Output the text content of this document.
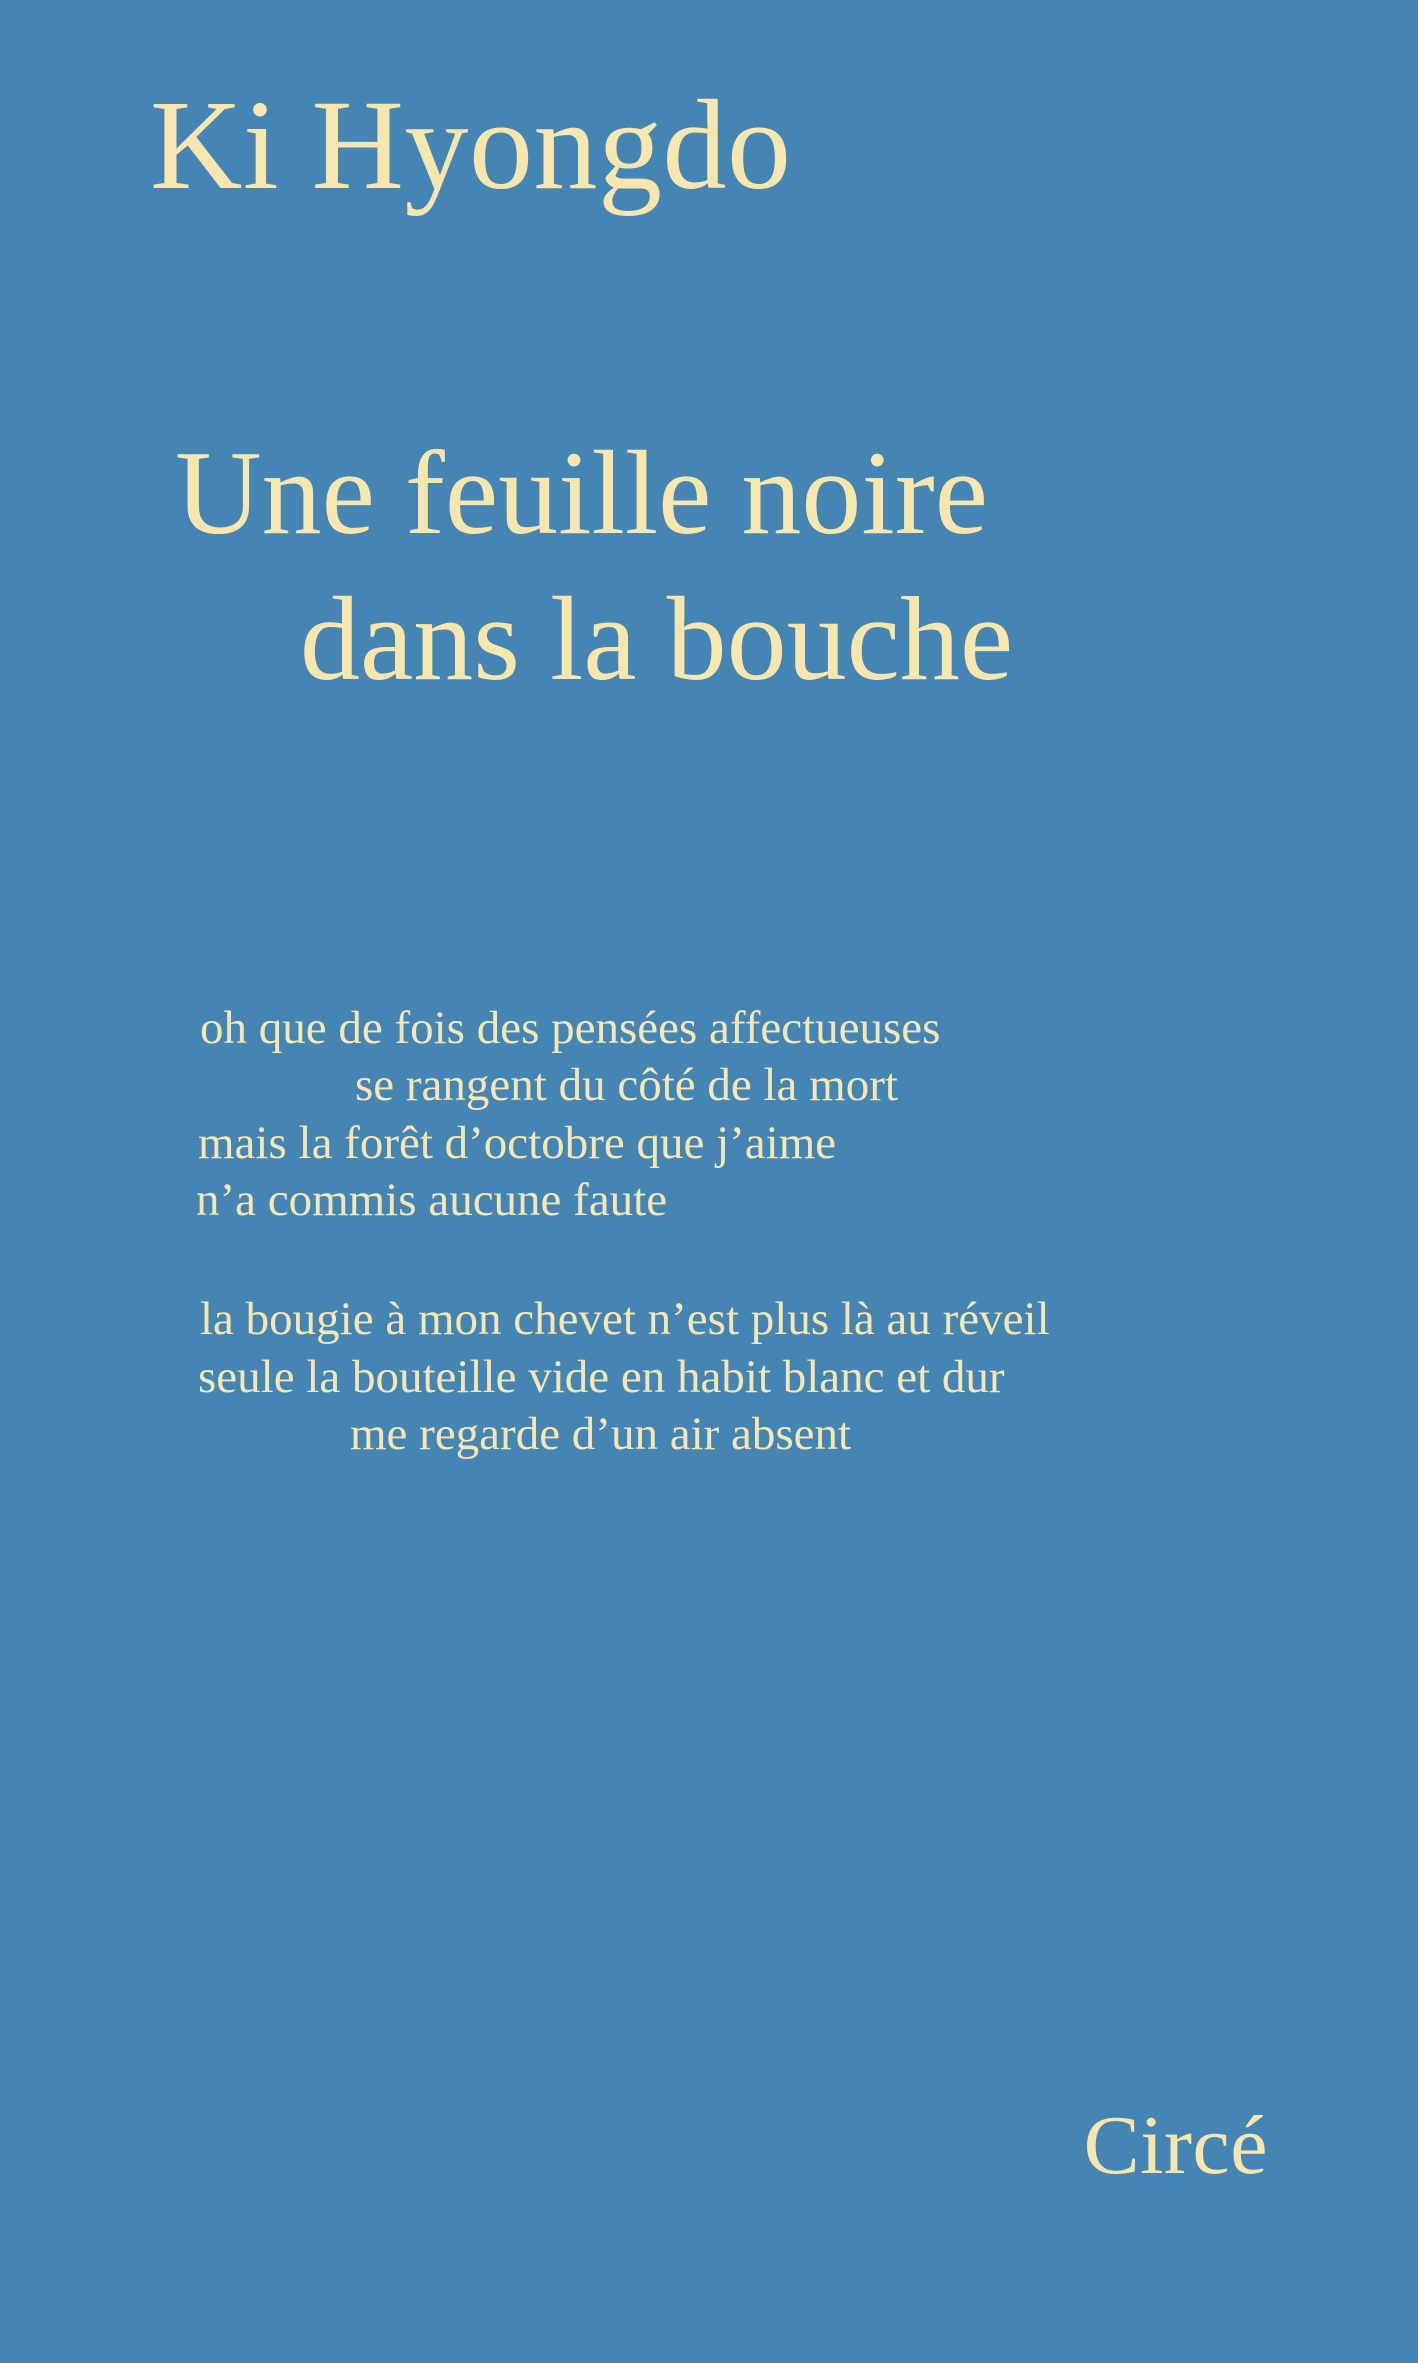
Ki Hyongdo
Une feuille noire
dans la bouche
oh que de fois des pensées affectueuses
se rangent du côté de la mort
mais la forêt d’octobre que j’aime
n’a commis aucune faute
la bougie à mon chevet n’est plus là au réveil
seule la bouteille vide en habit blanc et dur
me regarde d’un air absent
Circé
